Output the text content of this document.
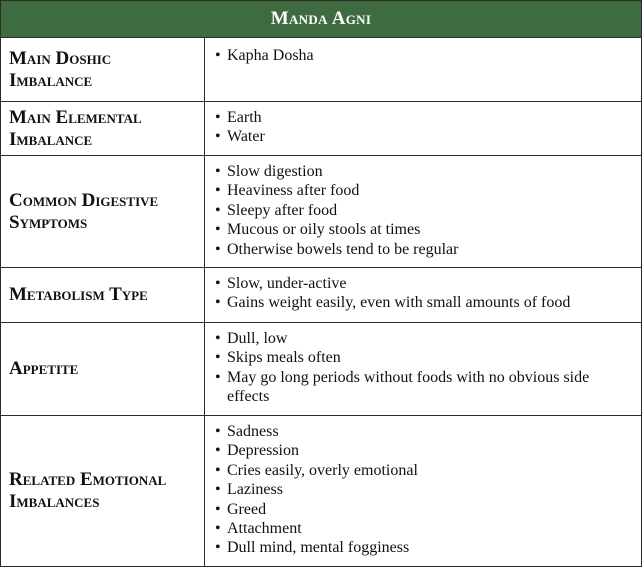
Manda Agni
Main Doshic Imbalance
• Kapha Dosha
Main Elemental Imbalance
• Earth
• Water
Common Digestive Symptoms
• Slow digestion
• Heaviness after food
• Sleepy after food
• Mucous or oily stools at times
• Otherwise bowels tend to be regular
Metabolism Type
• Slow, under-active
• Gains weight easily, even with small amounts of food
Appetite
• Dull, low
• Skips meals often
• May go long periods without foods with no obvious side effects
Related Emotional Imbalances
• Sadness
• Depression
• Cries easily, overly emotional
• Laziness
• Greed
• Attachment
• Dull mind, mental fogginess
